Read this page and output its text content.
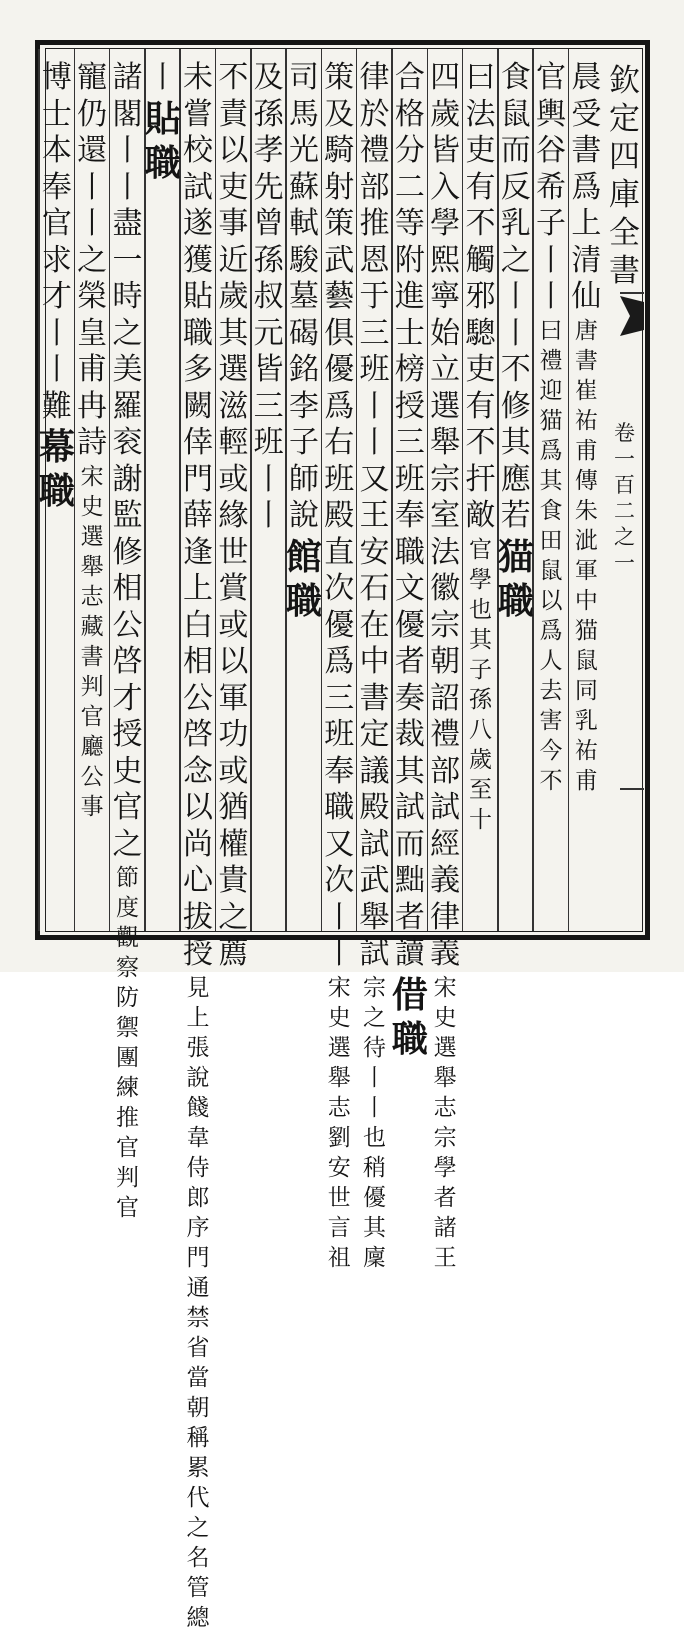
欽
定
四
庫
全
書
卷
一
百
二
之
一
晨
受
書
爲
上
清
仙
唐
書
崔
祐
甫
傳
朱
泚
軍
中
猫
鼠
同
乳
祐
甫
官
輿
谷
希
子
丨
丨
曰
禮
迎
猫
爲
其
食
田
鼠
以
爲
人
去
害
今
不
食
鼠
而
反
乳
之
丨
丨
不
修
其
應
若
猫
職
曰
法
吏
有
不
觸
邪
驄
吏
有
不
扞
敵
官
學
也
其
子
孫
八
歲
至
十
四
歲
皆
入
學
熙
寧
始
立
選
舉
宗
室
法
徽
宗
朝
詔
禮
部
試
經
義
律
義
宋
史
選
舉
志
宗
學
者
諸
王
合
格
分
二
等
附
進
士
榜
授
三
班
奉
職
文
優
者
奏
裁
其
試
而
黜
者
讀
借
職
律
於
禮
部
推
恩
于
三
班
丨
丨
又
王
安
石
在
中
書
定
議
殿
試
武
舉
試
宗
之
待
丨
丨
也
稍
優
其
廩
策
及
騎
射
策
武
藝
俱
優
爲
右
班
殿
直
次
優
爲
三
班
奉
職
又
次
丨
丨
宋
史
選
舉
志
劉
安
世
言
祖
司
馬
光
蘇
軾
駿
墓
碣
銘
李
子
師
說
館
職
及
孫
孝
先
曾
孫
叔
元
皆
三
班
丨
丨
不
責
以
吏
事
近
歲
其
選
滋
輕
或
緣
世
賞
或
以
軍
功
或
猶
權
貴
之
薦
未
嘗
校
試
遂
獲
貼
職
多
闕
倖
門
薛
逢
上
白
相
公
啓
念
以
尚
心
拔
授
見
上
張
說
餞
韋
侍
郎
序
門
通
禁
省
當
朝
稱
累
代
之
名
管
總
丨
貼
職
諸
閣
丨
丨
盡
一
時
之
美
羅
衮
謝
監
修
相
公
啓
才
授
史
官
之
節
度
觀
察
防
禦
團
練
推
官
判
官
寵
仍
還
丨
丨
之
榮
皇
甫
冉
詩
宋
史
選
舉
志
藏
書
判
官
廳
公
事
博
士
本
奉
官
求
才
丨
丨
難
幕
職
